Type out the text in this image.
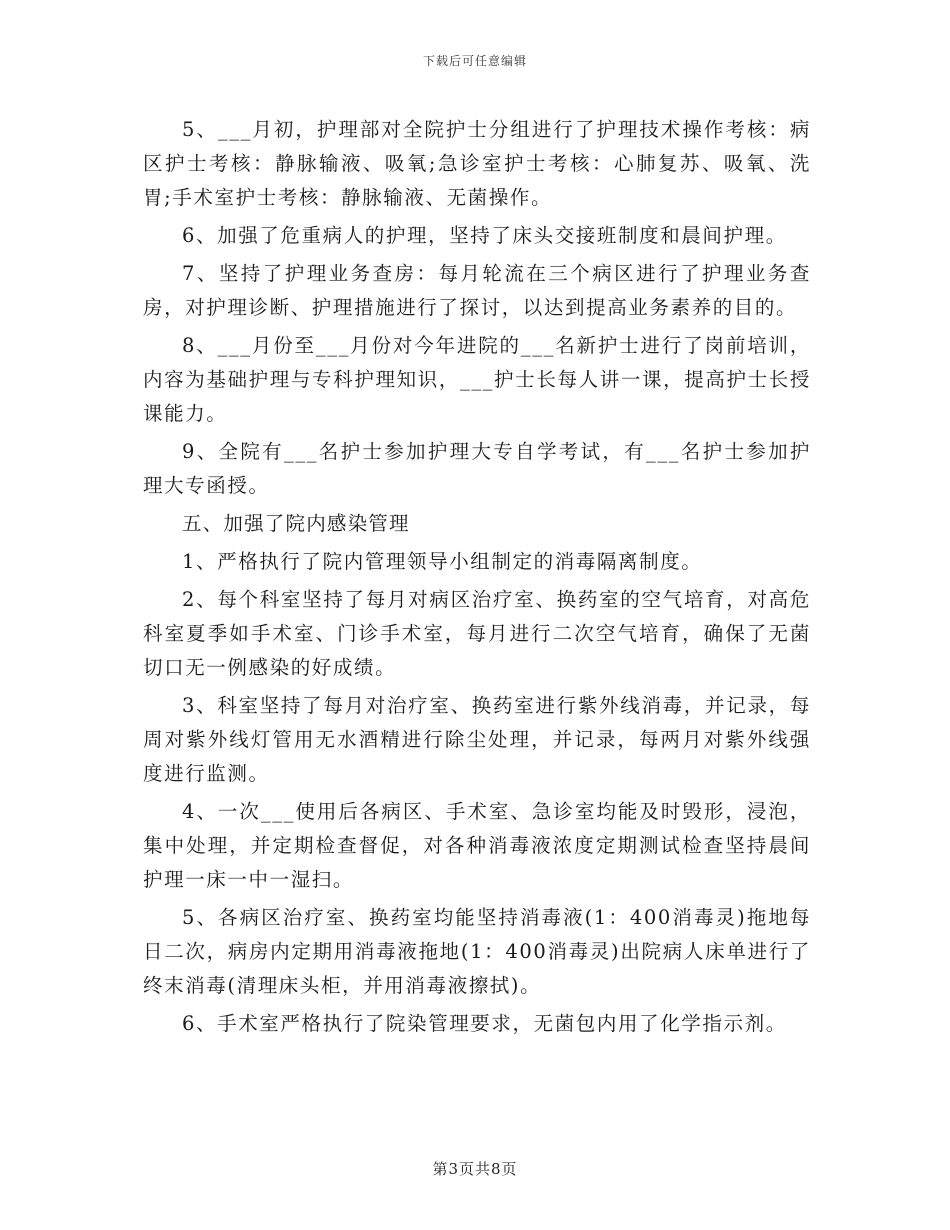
下载后可任意编辑

5、___月初，护理部对全院护士分组进行了护理技术操作考核：病区护士考核：静脉输液、吸氧;急诊室护士考核：心肺复苏、吸氧、洗胃;手术室护士考核：静脉输液、无菌操作。

6、加强了危重病人的护理，坚持了床头交接班制度和晨间护理。

7、坚持了护理业务查房：每月轮流在三个病区进行了护理业务查房，对护理诊断、护理措施进行了探讨，以达到提高业务素养的目的。

8、___月份至___月份对今年进院的___名新护士进行了岗前培训，内容为基础护理与专科护理知识，___护士长每人讲一课，提高护士长授课能力。

9、全院有___名护士参加护理大专自学考试，有___名护士参加护理大专函授。

五、加强了院内感染管理

1、严格执行了院内管理领导小组制定的消毒隔离制度。

2、每个科室坚持了每月对病区治疗室、换药室的空气培育，对高危科室夏季如手术室、门诊手术室，每月进行二次空气培育，确保了无菌切口无一例感染的好成绩。

3、科室坚持了每月对治疗室、换药室进行紫外线消毒，并记录，每周对紫外线灯管用无水酒精进行除尘处理，并记录，每两月对紫外线强度进行监测。

4、一次___使用后各病区、手术室、急诊室均能及时毁形，浸泡，集中处理，并定期检查督促，对各种消毒液浓度定期测试检查坚持晨间护理一床一中一湿扫。

5、各病区治疗室、换药室均能坚持消毒液(1：400消毒灵)拖地每日二次，病房内定期用消毒液拖地(1：400消毒灵)出院病人床单进行了终末消毒(清理床头柜，并用消毒液擦拭)。

6、手术室严格执行了院染管理要求，无菌包内用了化学指示剂。

第3页共8页
